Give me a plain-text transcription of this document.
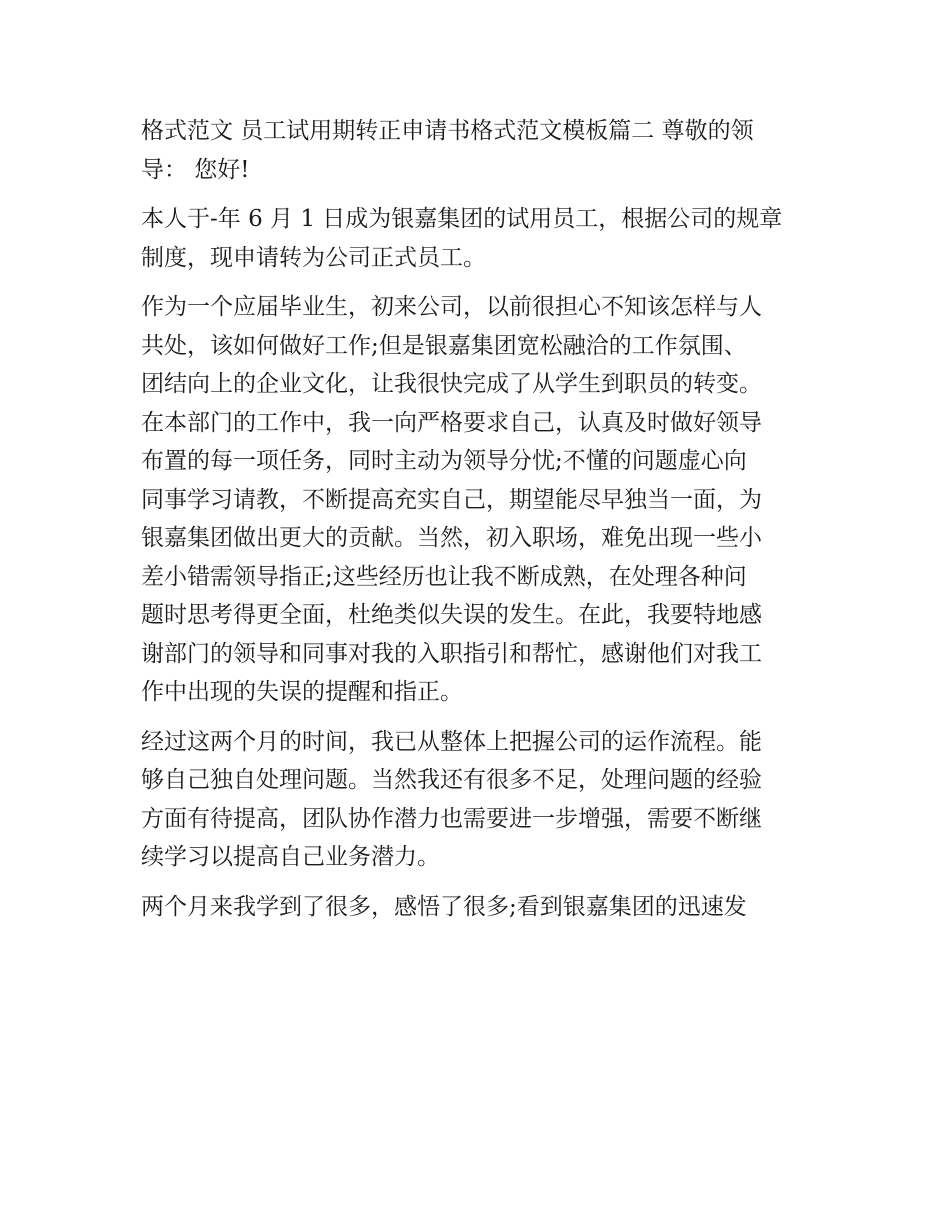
格式范文 员工试用期转正申请书格式范文模板篇二 尊敬的领
导： 您好!
本人于-年 6 月 1 日成为银嘉集团的试用员工，根据公司的规章
制度，现申请转为公司正式员工。
作为一个应届毕业生，初来公司，以前很担心不知该怎样与人
共处，该如何做好工作;但是银嘉集团宽松融洽的工作氛围、
团结向上的企业文化，让我很快完成了从学生到职员的转变。
在本部门的工作中，我一向严格要求自己，认真及时做好领导
布置的每一项任务，同时主动为领导分忧;不懂的问题虚心向
同事学习请教，不断提高充实自己，期望能尽早独当一面，为
银嘉集团做出更大的贡献。当然，初入职场，难免出现一些小
差小错需领导指正;这些经历也让我不断成熟，在处理各种问
题时思考得更全面，杜绝类似失误的发生。在此，我要特地感
谢部门的领导和同事对我的入职指引和帮忙，感谢他们对我工
作中出现的失误的提醒和指正。
经过这两个月的时间，我已从整体上把握公司的运作流程。能
够自己独自处理问题。当然我还有很多不足，处理问题的经验
方面有待提高，团队协作潜力也需要进一步增强，需要不断继
续学习以提高自己业务潜力。
两个月来我学到了很多，感悟了很多;看到银嘉集团的迅速发
